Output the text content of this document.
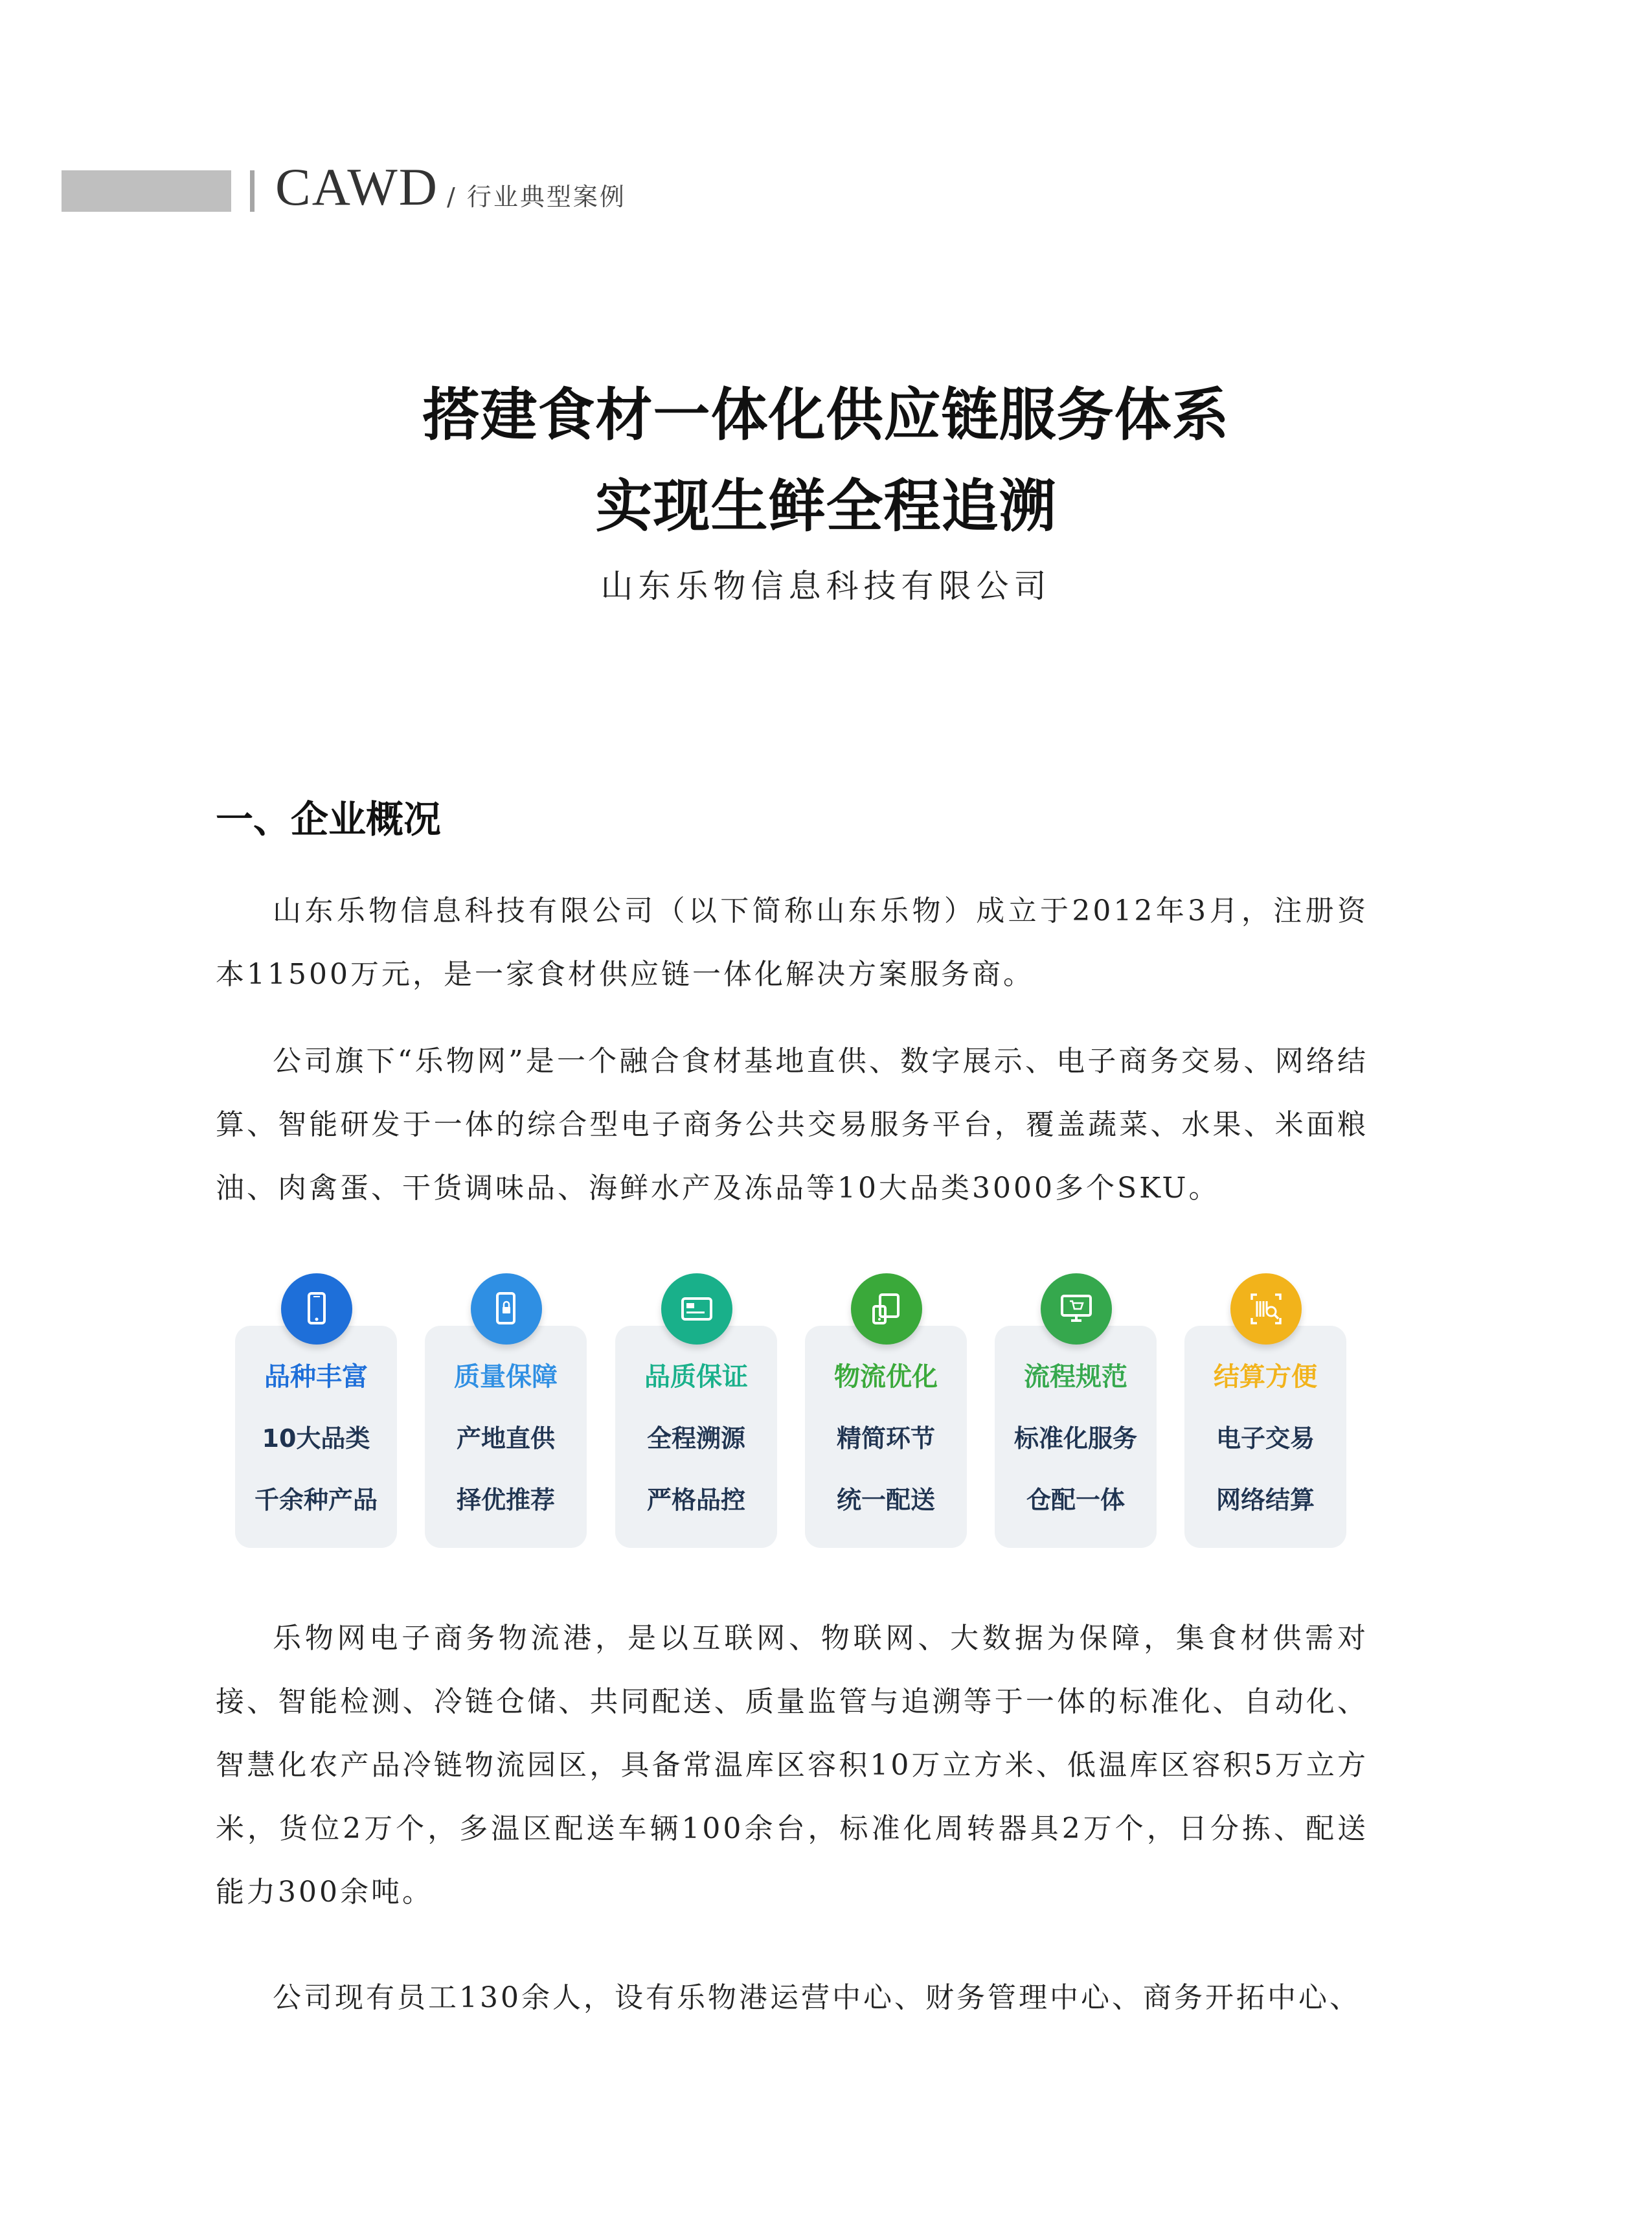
CAWD / 行业典型案例
搭建食材一体化供应链服务体系
实现生鲜全程追溯
山东乐物信息科技有限公司
一、企业概况

山东乐物信息科技有限公司（以下简称山东乐物）成立于2012年3月，注册资本11500万元，是一家食材供应链一体化解决方案服务商。

公司旗下“乐物网”是一个融合食材基地直供、数字展示、电子商务交易、网络结算、智能研发于一体的综合型电子商务公共交易服务平台，覆盖蔬菜、水果、米面粮油、肉禽蛋、干货调味品、海鲜水产及冻品等10大品类3000多个SKU。

品种丰富
10大品类
千余种产品
质量保障
产地直供
择优推荐
品质保证
全程溯源
严格品控
物流优化
精简环节
统一配送
流程规范
标准化服务
仓配一体
结算方便
电子交易
网络结算

乐物网电子商务物流港，是以互联网、物联网、大数据为保障，集食材供需对接、智能检测、冷链仓储、共同配送、质量监管与追溯等于一体的标准化、自动化、智慧化农产品冷链物流园区，具备常温库区容积10万立方米、低温库区容积5万立方米，货位2万个，多温区配送车辆100余台，标准化周转器具2万个，日分拣、配送能力300余吨。

公司现有员工130余人，设有乐物港运营中心、财务管理中心、商务开拓中心、
